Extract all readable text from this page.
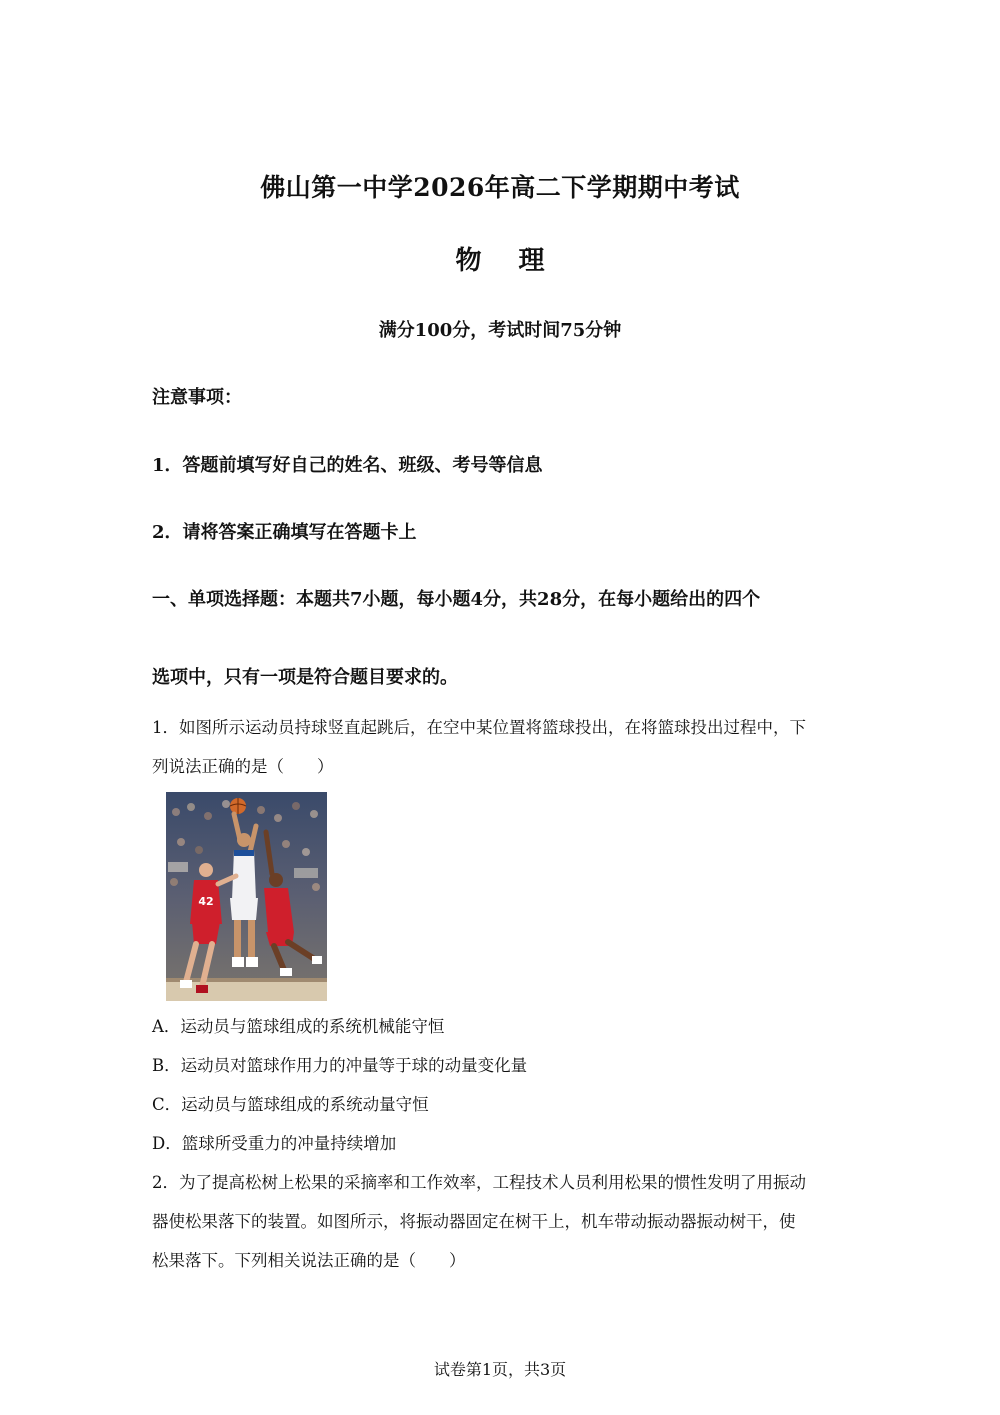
佛山第一中学2026年高二下学期期中考试
物 理
满分100分，考试时间75分钟
注意事项：
1．答题前填写好自己的姓名、班级、考号等信息
2．请将答案正确填写在答题卡上
一、单项选择题：本题共7小题，每小题4分，共28分，在每小题给出的四个
选项中，只有一项是符合题目要求的。
1．如图所示运动员持球竖直起跳后，在空中某位置将篮球投出，在将篮球投出过程中，下
列说法正确的是（　　）
42
A．运动员与篮球组成的系统机械能守恒
B．运动员对篮球作用力的冲量等于球的动量变化量
C．运动员与篮球组成的系统动量守恒
D．篮球所受重力的冲量持续增加
2．为了提高松树上松果的采摘率和工作效率，工程技术人员利用松果的惯性发明了用振动
器使松果落下的装置。如图所示，将振动器固定在树干上，机车带动振动器振动树干，使
松果落下。下列相关说法正确的是（　　）
试卷第1页，共3页
